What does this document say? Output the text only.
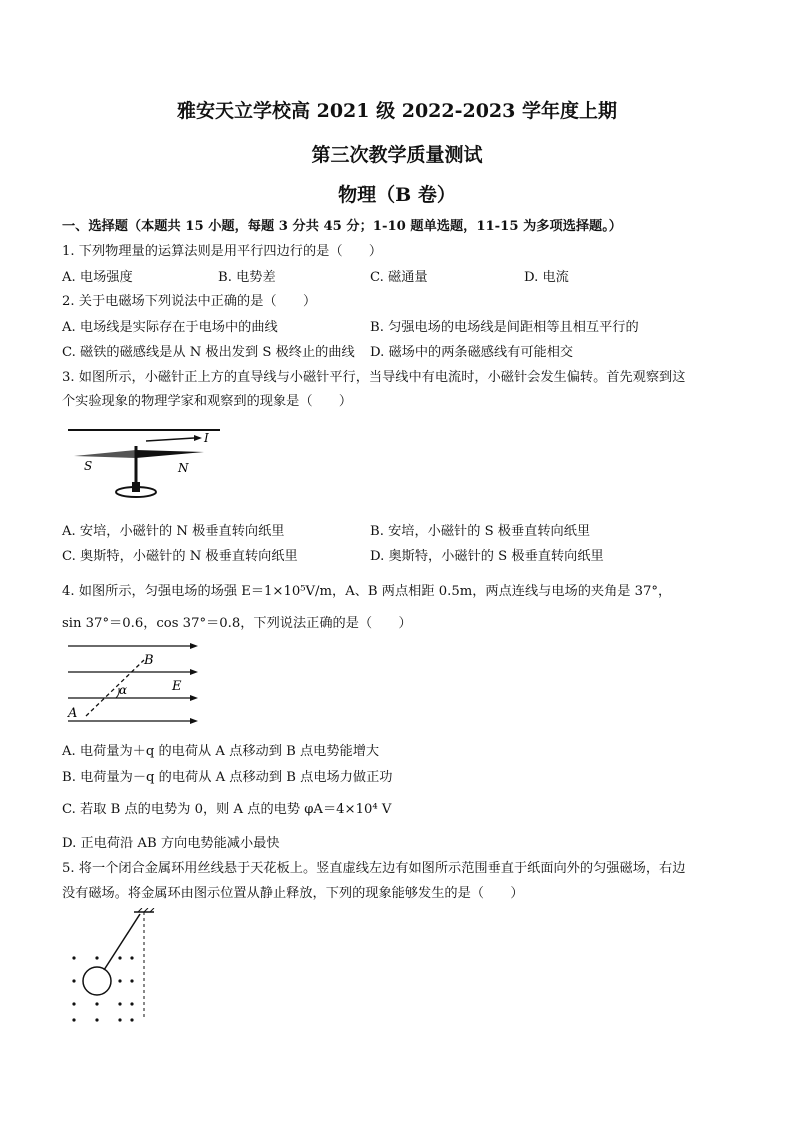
雅安天立学校高 2021 级 2022-2023 学年度上期
第三次教学质量测试
物理（B 卷）
一、选择题（本题共 15 小题，每题 3 分共 45 分；1-10 题单选题，11-15 为多项选择题。）
1. 下列物理量的运算法则是用平行四边行的是（　　）
A. 电场强度	B. 电势差	C. 磁通量	D. 电流
2. 关于电磁场下列说法中正确的是（　　）
A. 电场线是实际存在于电场中的曲线	B. 匀强电场的电场线是间距相等且相互平行的
C. 磁铁的磁感线是从 N 极出发到 S 极终止的曲线 D. 磁场中的两条磁感线有可能相交
3. 如图所示，小磁针正上方的直导线与小磁针平行，当导线中有电流时，小磁针会发生偏转。首先观察到这
个实验现象的物理学家和观察到的现象是（　　）
S	N
I
A. 安培，小磁针的 N 极垂直转向纸里	B. 安培，小磁针的 S 极垂直转向纸里
C. 奥斯特，小磁针的 N 极垂直转向纸里	D. 奥斯特，小磁针的 S 极垂直转向纸里
4. 如图所示，匀强电场的场强 E＝1×10⁵V/m，A、B 两点相距 0.5m，两点连线与电场的夹角是 37°，
sin 37°＝0.6，cos 37°＝0.8，下列说法正确的是（　　）
B
A
E
α
A. 电荷量为＋q 的电荷从 A 点移动到 B 点电势能增大
B. 电荷量为－q 的电荷从 A 点移动到 B 点电场力做正功
C. 若取 B 点的电势为 0，则 A 点的电势 φA＝4×10⁴ V
D. 正电荷沿 AB 方向电势能减小最快
5. 将一个闭合金属环用丝线悬于天花板上。竖直虚线左边有如图所示范围垂直于纸面向外的匀强磁场，右边
没有磁场。将金属环由图示位置从静止释放，下列的现象能够发生的是（　　）
